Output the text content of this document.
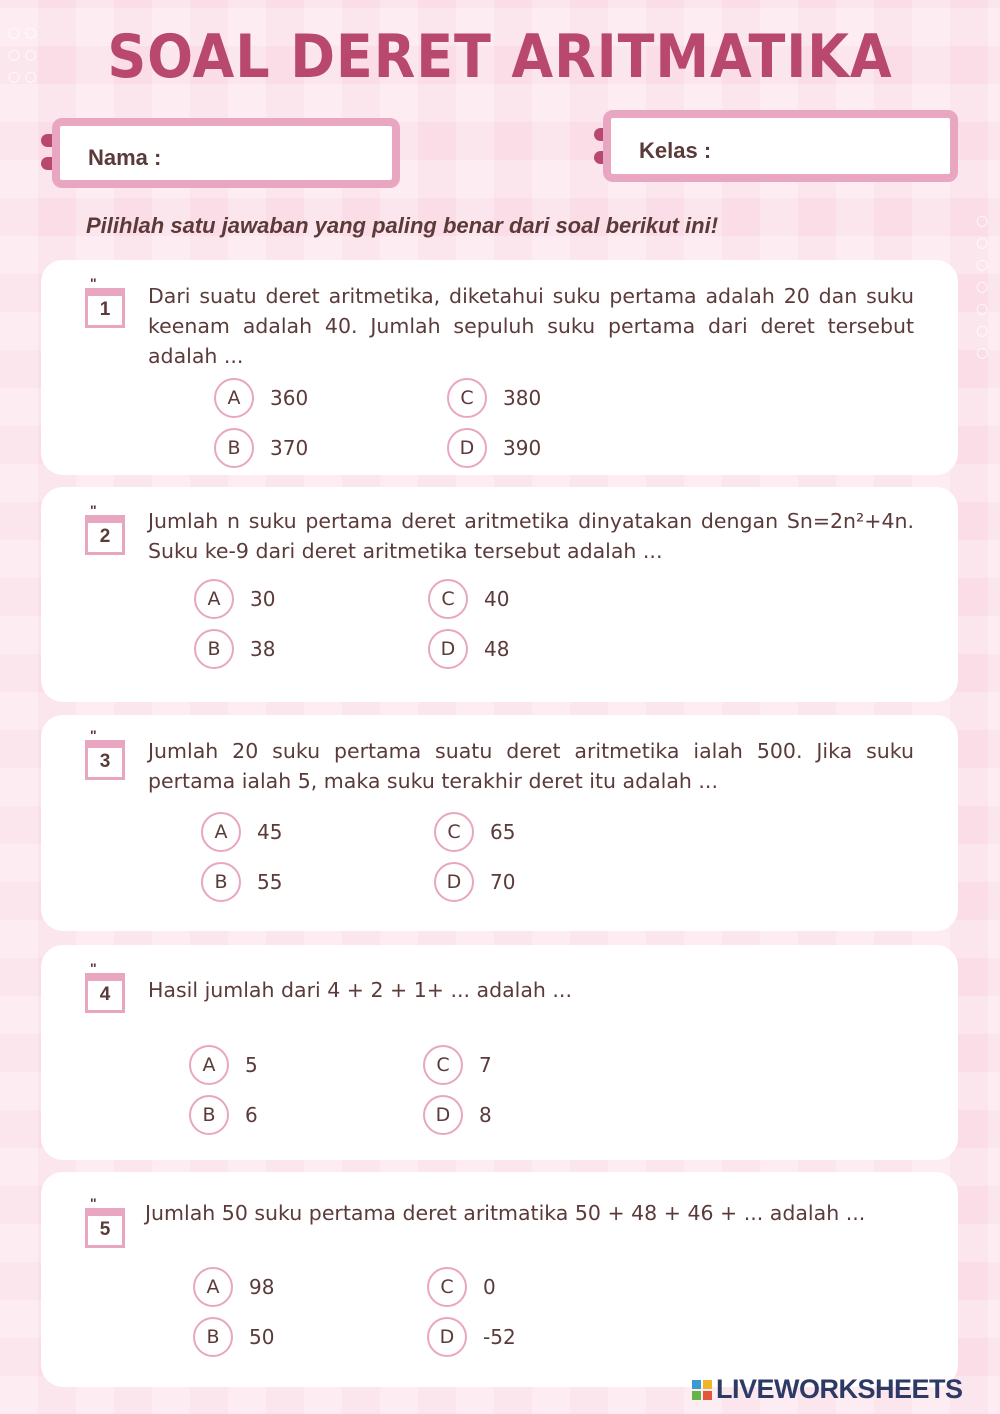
○ ○
○ ○
○ ○
○
○
○
○
○
○
○
SOAL DERET ARITMATIKA
Nama :	Kelas :
Pilihlah satu jawaban yang paling benar dari soal berikut ini!
" 1
Dari suatu deret aritmetika, diketahui suku pertama adalah 20 dan suku keenam adalah 40. Jumlah sepuluh suku pertama dari deret tersebut adalah ...
A	360
B	370
C	380
D	390
" 2
Jumlah n suku pertama deret aritmetika dinyatakan dengan Sn=2n²+4n. Suku ke-9 dari deret aritmetika tersebut adalah ...
A	30
B	38
C	40
D	48
" 3	Jumlah 20 suku pertama suatu deret aritmetika ialah 500. Jika suku pertama ialah 5, maka suku terakhir deret itu adalah ...
A	45
B	55
C	65
D	70
" 4	Hasil jumlah dari 4 + 2 + 1+ ... adalah ...
A	5
B	6
C	7
D	8
" 5
Jumlah 50 suku pertama deret aritmatika 50 + 48 + 46 + ... adalah ...
A	98
B	50
C	0
D	-52
LIVEWORKSHEETS
